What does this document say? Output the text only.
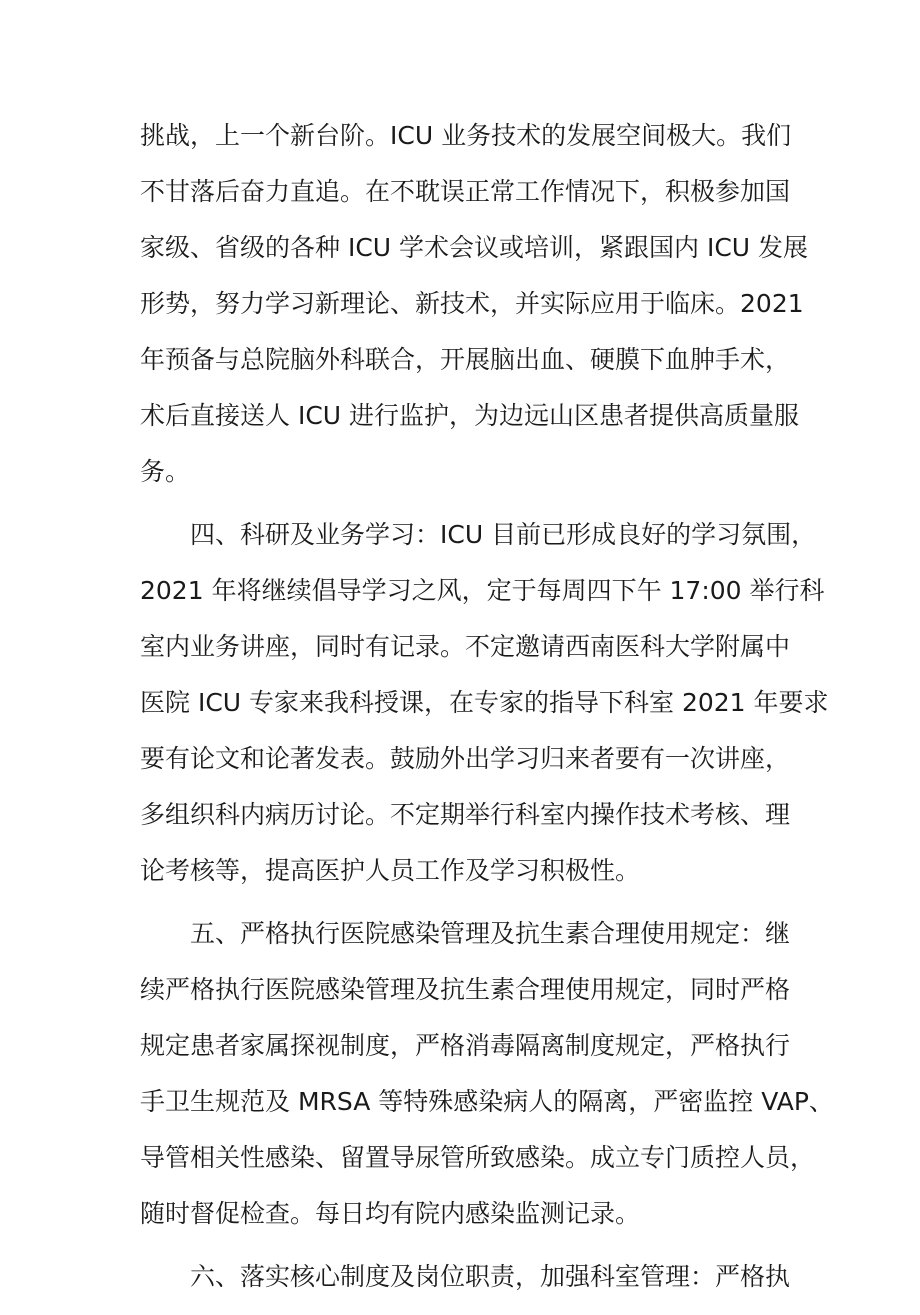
挑战，上一个新台阶。ICU 业务技术的发展空间极大。我们
不甘落后奋力直追。在不耽误正常工作情况下，积极参加国
家级、省级的各种 ICU 学术会议或培训，紧跟国内 ICU 发展
形势，努力学习新理论、新技术，并实际应用于临床。2021
年预备与总院脑外科联合，开展脑出血、硬膜下血肿手术，
术后直接送人 ICU 进行监护，为边远山区患者提供高质量服
务。
　　四、科研及业务学习：ICU 目前已形成良好的学习氛围，
2021 年将继续倡导学习之风，定于每周四下午 17:00 举行科
室内业务讲座，同时有记录。不定邀请西南医科大学附属中
医院 ICU 专家来我科授课，在专家的指导下科室 2021 年要求
要有论文和论著发表。鼓励外出学习归来者要有一次讲座，
多组织科内病历讨论。不定期举行科室内操作技术考核、理
论考核等，提高医护人员工作及学习积极性。
　　五、严格执行医院感染管理及抗生素合理使用规定：继
续严格执行医院感染管理及抗生素合理使用规定，同时严格
规定患者家属探视制度，严格消毒隔离制度规定，严格执行
手卫生规范及 MRSA 等特殊感染病人的隔离，严密监控 VAP、
导管相关性感染、留置导尿管所致感染。成立专门质控人员，
随时督促检查。每日均有院内感染监测记录。
　　六、落实核心制度及岗位职责，加强科室管理：严格执
